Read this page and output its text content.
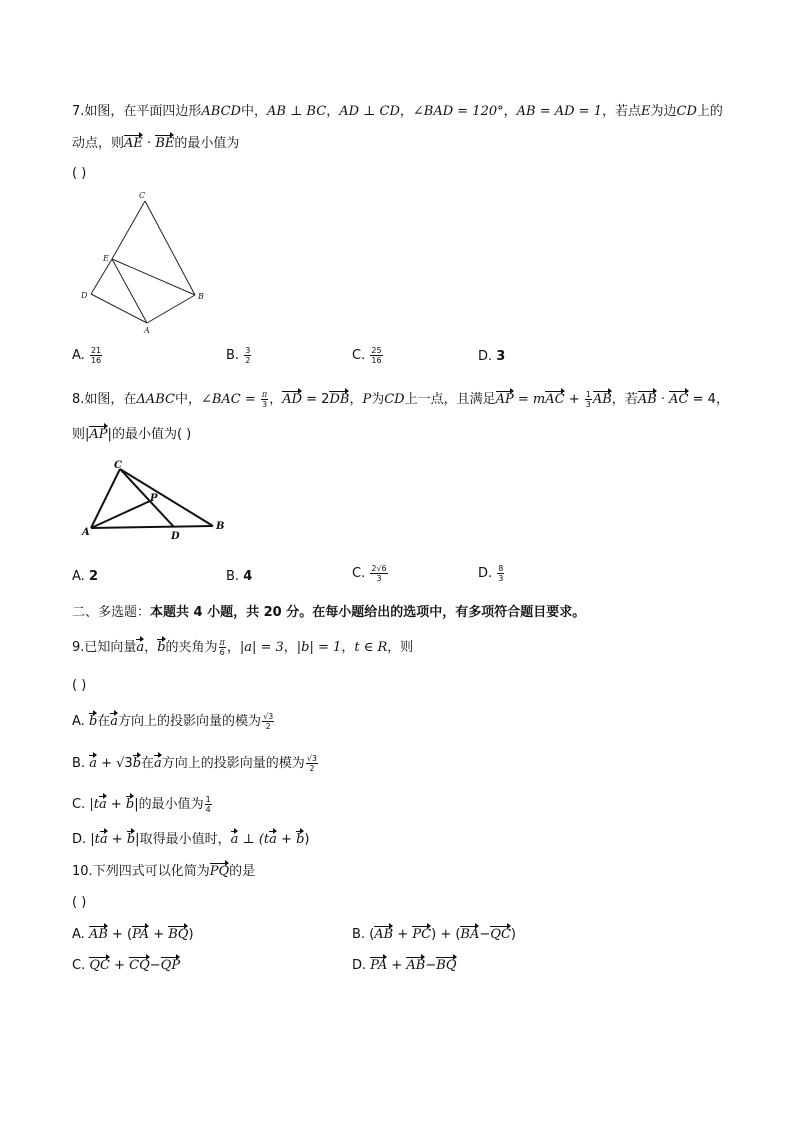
7.如图，在平面四边形ABCD中，AB ⊥ BC，AD ⊥ CD，∠BAD = 120°，AB = AD = 1，若点E为边CD上的
动点，则AE · BE的最小值为
( )
C
E
D	B
A
A. $\frac{21}{16}$	B. $\frac{3}{2}$	C. $\frac{25}{16}$	D. 3
8.如图，在ΔABC中，∠BAC = $\frac{\pi}{3}$ ，AD = 2DB，P为CD上一点，且满足AP = mAC + $\frac{1}{3}$ AB，若AB · AC = 4，
则|AP|的最小值为( )
C
P
A	D
B
A. 2	B. 4	C. $\frac{2√6}{3}$	D. $\frac{8}{3}$
二、多选题：本题共 4 小题，共 20 分。在每小题给出的选项中，有多项符合题目要求。
9.已知向量a，b的夹角为 $\frac{\pi}{6}$ ，|a| = 3，|b| = 1，t ∈ R，则
( )
A. b在a方向上的投影向量的模为 $\frac{√3}{2}$
B. a + √3b在a方向上的投影向量的模为 $\frac{√3}{2}$
C. |ta + b|的最小值为 $\frac{1}{4}$
D. |ta + b|取得最小值时，a ⊥ (ta + b)
10.下列四式可以化简为PQ的是
( )
A. AB + (PA + BQ)	B. (AB + PC) + (BA−QC)
C. QC + CQ−QP	D. PA + AB−BQ
